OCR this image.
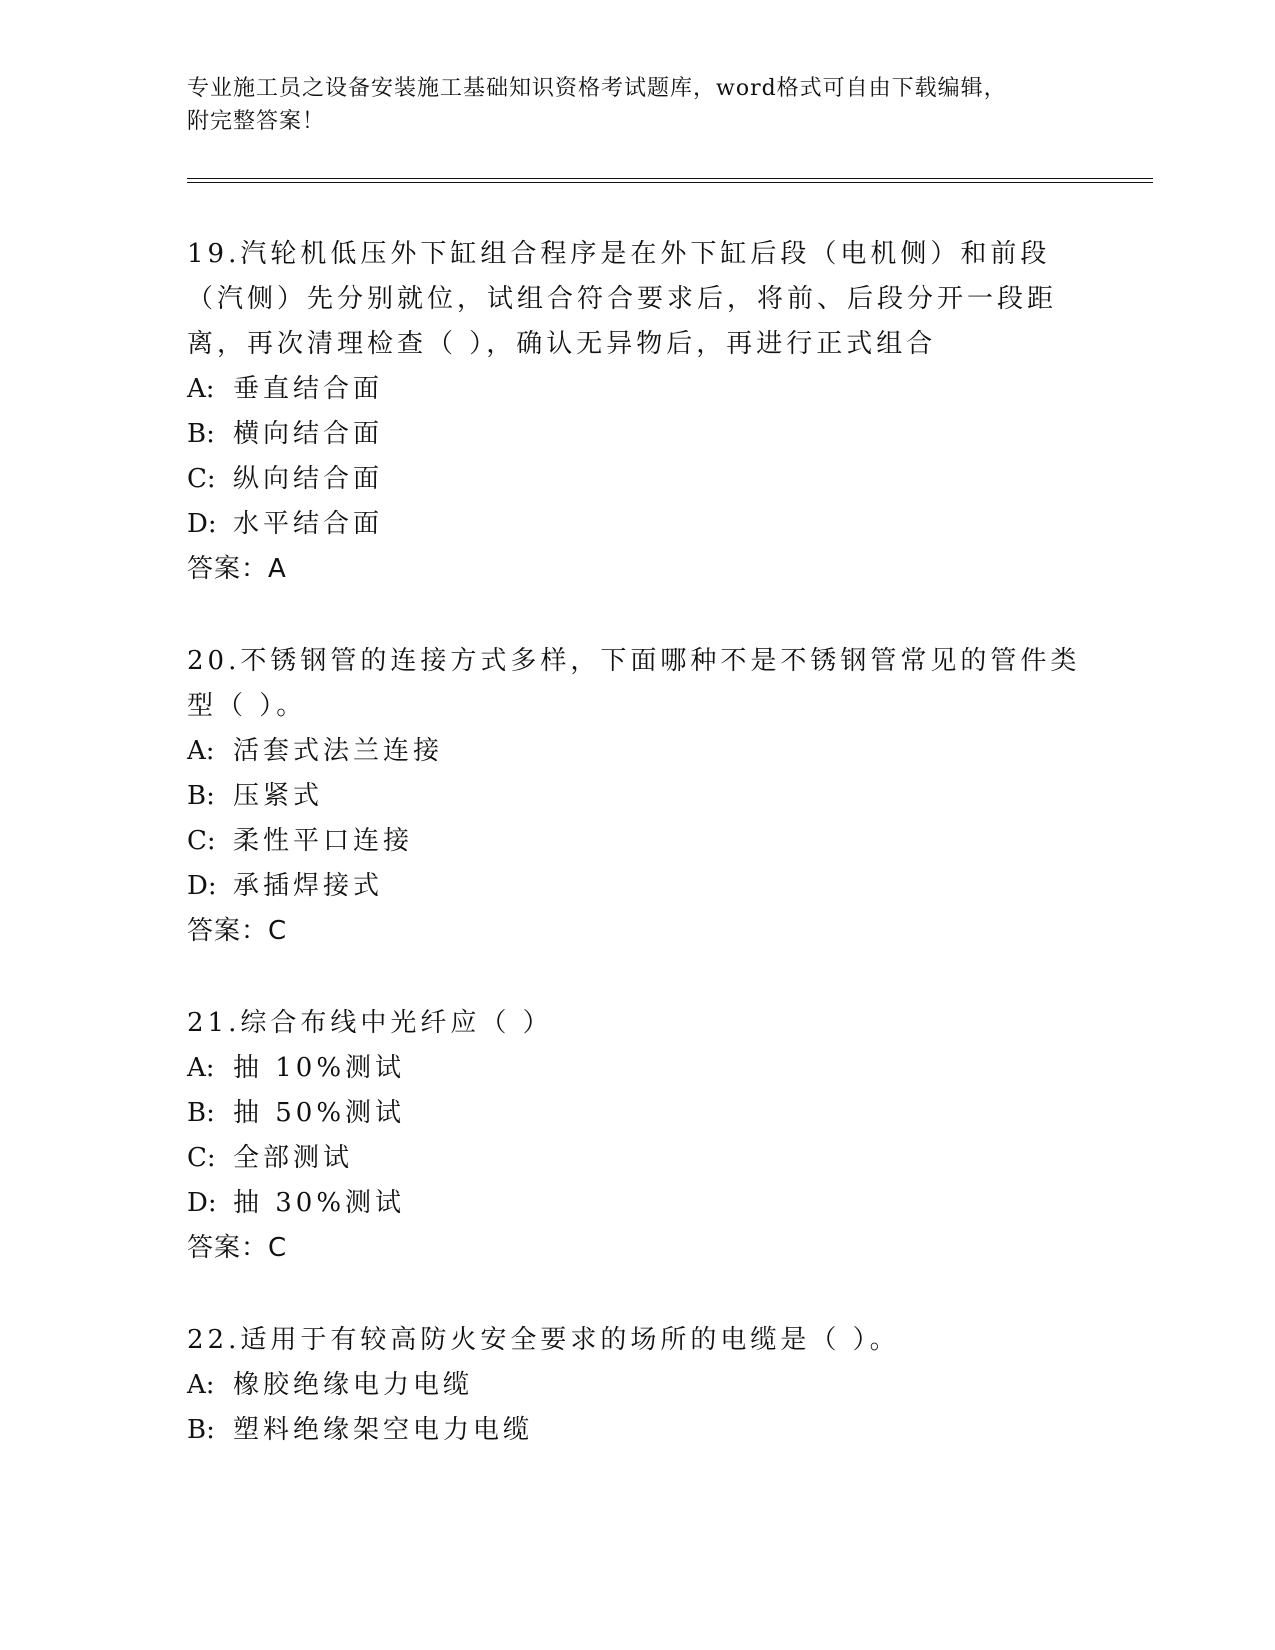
专业施工员之设备安装施工基础知识资格考试题库，word格式可自由下载编辑，
附完整答案！

19.汽轮机低压外下缸组合程序是在外下缸后段（电机侧）和前段（汽侧）先分别就位，试组合符合要求后，将前、后段分开一段距离，再次清理检查（ ），确认无异物后，再进行正式组合

A: 垂直结合面

B: 横向结合面

C: 纵向结合面

D: 水平结合面

答案：A

20.不锈钢管的连接方式多样，下面哪种不是不锈钢管常见的管件类型（ ）。

A: 活套式法兰连接

B: 压紧式

C: 柔性平口连接

D: 承插焊接式

答案：C

21.综合布线中光纤应（ ）

A: 抽 10%测试

B: 抽 50%测试

C: 全部测试

D: 抽 30%测试

答案：C

22.适用于有较高防火安全要求的场所的电缆是（ ）。

A: 橡胶绝缘电力电缆

B: 塑料绝缘架空电力电缆
